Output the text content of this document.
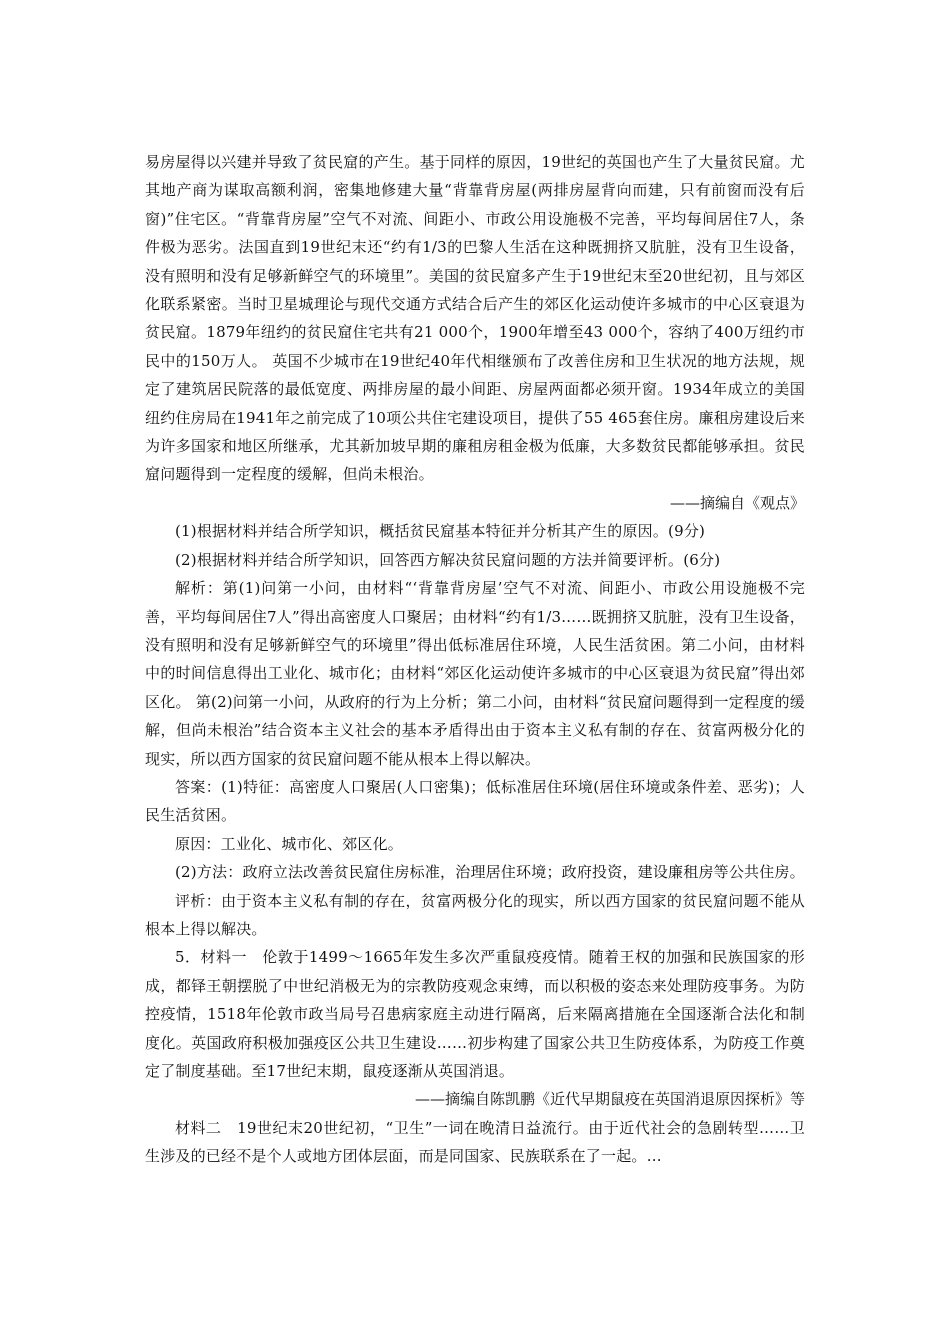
易房屋得以兴建并导致了贫民窟的产生。基于同样的原因，19世纪的英国也产生了大量贫民窟。尤其地产商为谋取高额利润，密集地修建大量“背靠背房屋(两排房屋背向而建，只有前窗而没有后窗)”住宅区。“背靠背房屋”空气不对流、间距小、市政公用设施极不完善，平均每间居住7人，条件极为恶劣。法国直到19世纪末还“约有1/3的巴黎人生活在这种既拥挤又肮脏，没有卫生设备，没有照明和没有足够新鲜空气的环境里”。美国的贫民窟多产生于19世纪末至20世纪初，且与郊区化联系紧密。当时卫星城理论与现代交通方式结合后产生的郊区化运动使许多城市的中心区衰退为贫民窟。1879年纽约的贫民窟住宅共有21 000个，1900年增至43 000个，容纳了400万纽约市民中的150万人。 英国不少城市在19世纪40年代相继颁布了改善住房和卫生状况的地方法规，规定了建筑居民院落的最低宽度、两排房屋的最小间距、房屋两面都必须开窗。1934年成立的美国纽约住房局在1941年之前完成了10项公共住宅建设项目，提供了55 465套住房。廉租房建设后来为许多国家和地区所继承，尤其新加坡早期的廉租房租金极为低廉，大多数贫民都能够承担。贫民窟问题得到一定程度的缓解，但尚未根治。

——摘编自《观点》

(1)根据材料并结合所学知识，概括贫民窟基本特征并分析其产生的原因。(9分)

(2)根据材料并结合所学知识，回答西方解决贫民窟问题的方法并简要评析。(6分)

解析：第(1)问第一小问，由材料“‘背靠背房屋’空气不对流、间距小、市政公用设施极不完善，平均每间居住7人”得出高密度人口聚居；由材料“约有1/3……既拥挤又肮脏，没有卫生设备，没有照明和没有足够新鲜空气的环境里”得出低标准居住环境，人民生活贫困。第二小问，由材料中的时间信息得出工业化、城市化；由材料“郊区化运动使许多城市的中心区衰退为贫民窟”得出郊区化。 第(2)问第一小问，从政府的行为上分析；第二小问，由材料“贫民窟问题得到一定程度的缓解，但尚未根治”结合资本主义社会的基本矛盾得出由于资本主义私有制的存在、贫富两极分化的现实，所以西方国家的贫民窟问题不能从根本上得以解决。

答案：(1)特征：高密度人口聚居(人口密集)；低标准居住环境(居住环境或条件差、恶劣)；人民生活贫困。

原因：工业化、城市化、郊区化。

(2)方法：政府立法改善贫民窟住房标准，治理居住环境；政府投资，建设廉租房等公共住房。

评析：由于资本主义私有制的存在，贫富两极分化的现实，所以西方国家的贫民窟问题不能从根本上得以解决。

5．材料一　伦敦于1499～1665年发生多次严重鼠疫疫情。随着王权的加强和民族国家的形成，都铎王朝摆脱了中世纪消极无为的宗教防疫观念束缚，而以积极的姿态来处理防疫事务。为防控疫情，1518年伦敦市政当局号召患病家庭主动进行隔离，后来隔离措施在全国逐渐合法化和制度化。英国政府积极加强疫区公共卫生建设……初步构建了国家公共卫生防疫体系，为防疫工作奠定了制度基础。至17世纪末期，鼠疫逐渐从英国消退。

——摘编自陈凯鹏《近代早期鼠疫在英国消退原因探析》等

材料二　19世纪末20世纪初，“卫生”一词在晚清日益流行。由于近代社会的急剧转型……卫生涉及的已经不是个人或地方团体层面，而是同国家、民族联系在了一起。…
